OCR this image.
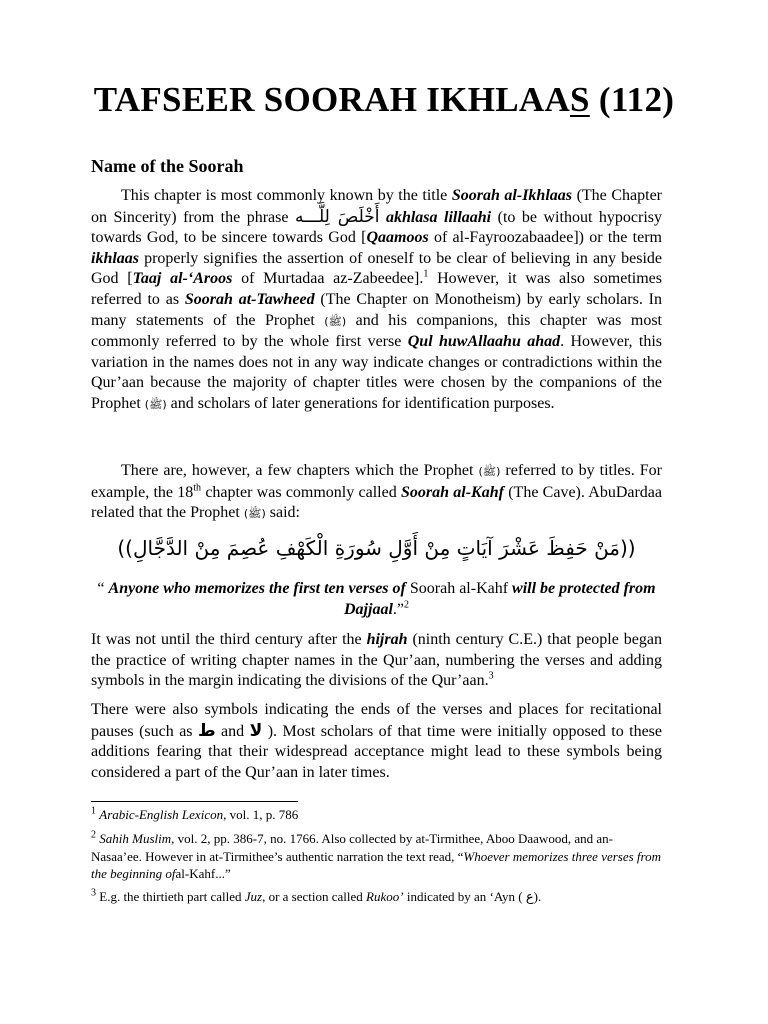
TAFSEER SOORAH IKHLAAS (112)
Name of the Soorah
This chapter is most commonly known by the title Soorah al-Ikhlaas (The Chapter on Sincerity) from the phrase أَخْلَصَ لِلَّـــه akhlasa lillaahi (to be without hypocrisy towards God, to be sincere towards God [Qaamoos of al-Fayroozabaadee]) or the term ikhlaas properly signifies the assertion of oneself to be clear of believing in any beside God [Taaj al-‘Aroos of Murtadaa az-Zabeedee].$^1$ However, it was also sometimes referred to as Soorah at-Tawheed (The Chapter on Monotheism) by early scholars. In many statements of the Prophet (ﷺ) and his companions, this chapter was most commonly referred to by the whole first verse Qul huwAllaahu ahad. However, this variation in the names does not in any way indicate changes or contradictions within the Qur’aan because the majority of chapter titles were chosen by the companions of the Prophet (ﷺ) and scholars of later generations for identification purposes.
There are, however, a few chapters which the Prophet (ﷺ) referred to by titles. For example, the 18th chapter was commonly called Soorah al-Kahf (The Cave). AbuDardaa related that the Prophet (ﷺ) said:
((مَنْ حَفِظَ عَشْرَ آيَاتٍ مِنْ أَوَّلِ سُورَةِ الْكَهْفِ عُصِمَ مِنْ الدَّجَّالِ))
“ Anyone who memorizes the first ten verses of Soorah al-Kahf will be protected from Dajjaal.”$^2$
It was not until the third century after the hijrah (ninth century C.E.) that people began the practice of writing chapter names in the Qur’aan, numbering the verses and adding symbols in the margin indicating the divisions of the Qur’aan.$^3$
There were also symbols indicating the ends of the verses and places for recitational pauses (such as ط and لا ). Most scholars of that time were initially opposed to these additions fearing that their widespread acceptance might lead to these symbols being considered a part of the Qur’aan in later times.
$^1$ Arabic-English Lexicon, vol. 1, p. 786
$^2$ Sahih Muslim, vol. 2, pp. 386-7, no. 1766. Also collected by at-Tirmithee, Aboo Daawood, and an-Nasaa’ee. However in at-Tirmithee’s authentic narration the text read, “Whoever memorizes three verses from the beginning ofal-Kahf...”
$^3$ E.g. the thirtieth part called Juz, or a section called Rukoo’ indicated by an ‘Ayn ( ع).
